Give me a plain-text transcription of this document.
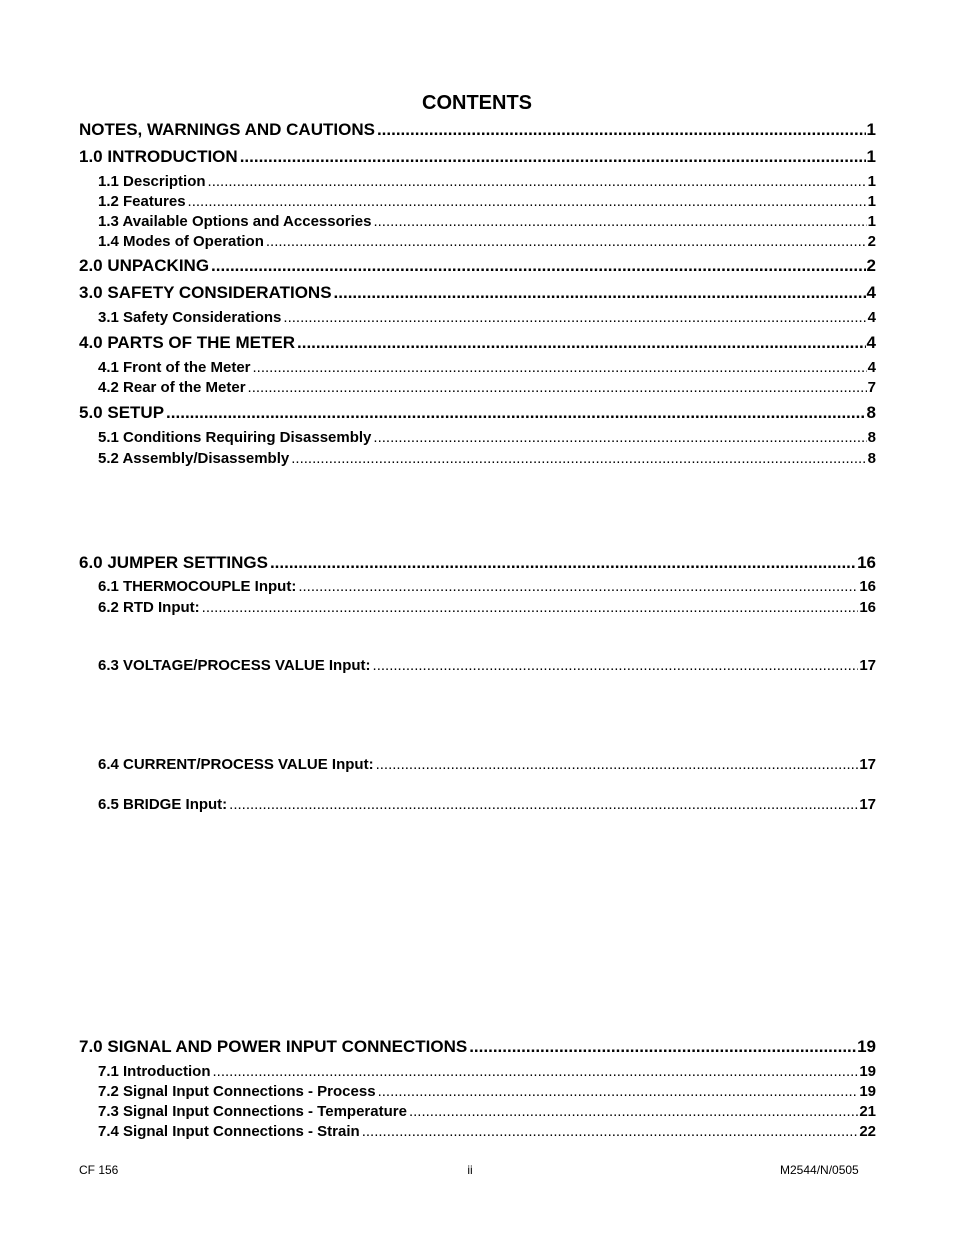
CONTENTS
NOTES, WARNINGS AND CAUTIONS .....	1
1.0 INTRODUCTION .....	1
1.1 Description .....	1
1.2 Features .....	1
1.3 Available Options and Accessories .....	1
1.4 Modes of Operation .....	2
2.0 UNPACKING .....	2
3.0 SAFETY CONSIDERATIONS .....	4
3.1 Safety Considerations .....	4
4.0 PARTS OF THE METER .....	4
4.1 Front of the Meter .....	4
4.2 Rear of the Meter .....	7
5.0 SETUP .....	8
5.1 Conditions Requiring Disassembly .....	8
5.2 Assembly/Disassembly .....	8
6.0 JUMPER SETTINGS .....	16
6.1 THERMOCOUPLE Input: .....	16
6.2 RTD Input: .....	16
6.3 VOLTAGE/PROCESS VALUE Input: .....	17
6.4 CURRENT/PROCESS VALUE Input: .....	17
6.5 BRIDGE Input: .....	17
7.0 SIGNAL AND POWER INPUT CONNECTIONS .....	19
7.1 Introduction .....	19
7.2 Signal Input Connections - Process .....	19
7.3 Signal Input Connections - Temperature .....	21
7.4 Signal Input Connections - Strain .....	22
CF 156	ii	M2544/N/0505
